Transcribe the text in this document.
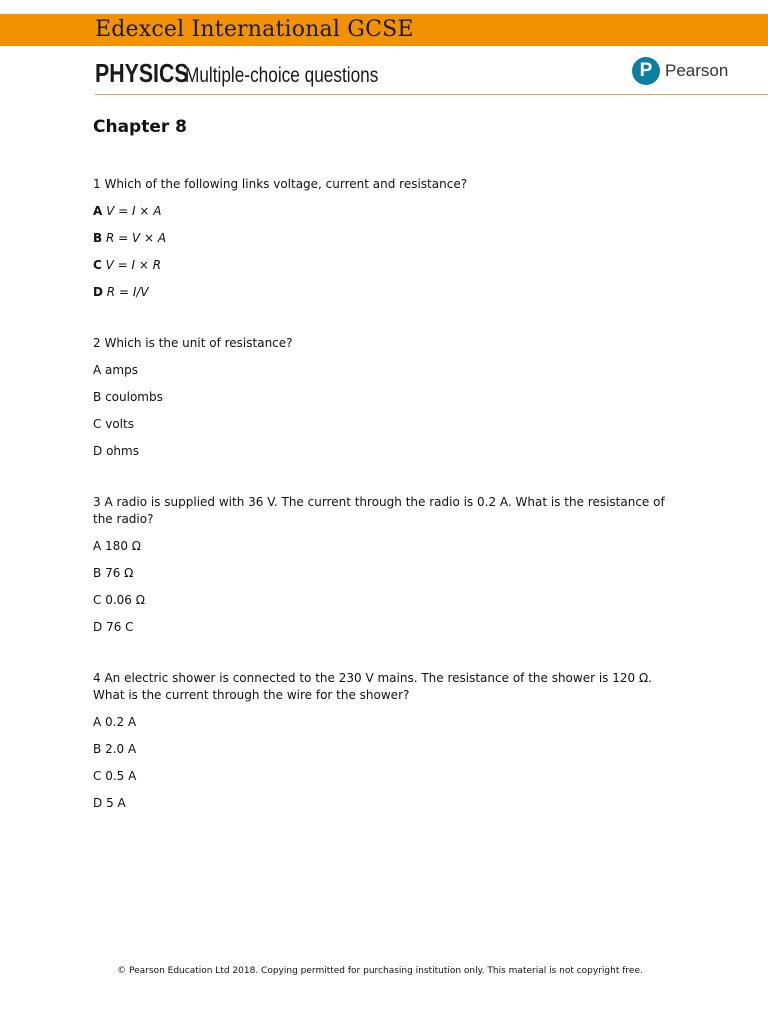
Edexcel International GCSE
PHYSICSMultiple-choice questions	P Pearson
Chapter 8

1 Which of the following links voltage, current and resistance?

A V = I × A

B R = V × A

C V = I × R

D R = I/V

2 Which is the unit of resistance?

A amps

B coulombs

C volts

D ohms

3 A radio is supplied with 36 V. The current through the radio is 0.2 A. What is the resistance of the radio?

A 180 Ω

B 76 Ω

C 0.06 Ω

D 76 C

4 An electric shower is connected to the 230 V mains. The resistance of the shower is 120 Ω. What is the current through the wire for the shower?

A 0.2 A

B 2.0 A

C 0.5 A

D 5 A

© Pearson Education Ltd 2018. Copying permitted for purchasing institution only. This material is not copyright free.
